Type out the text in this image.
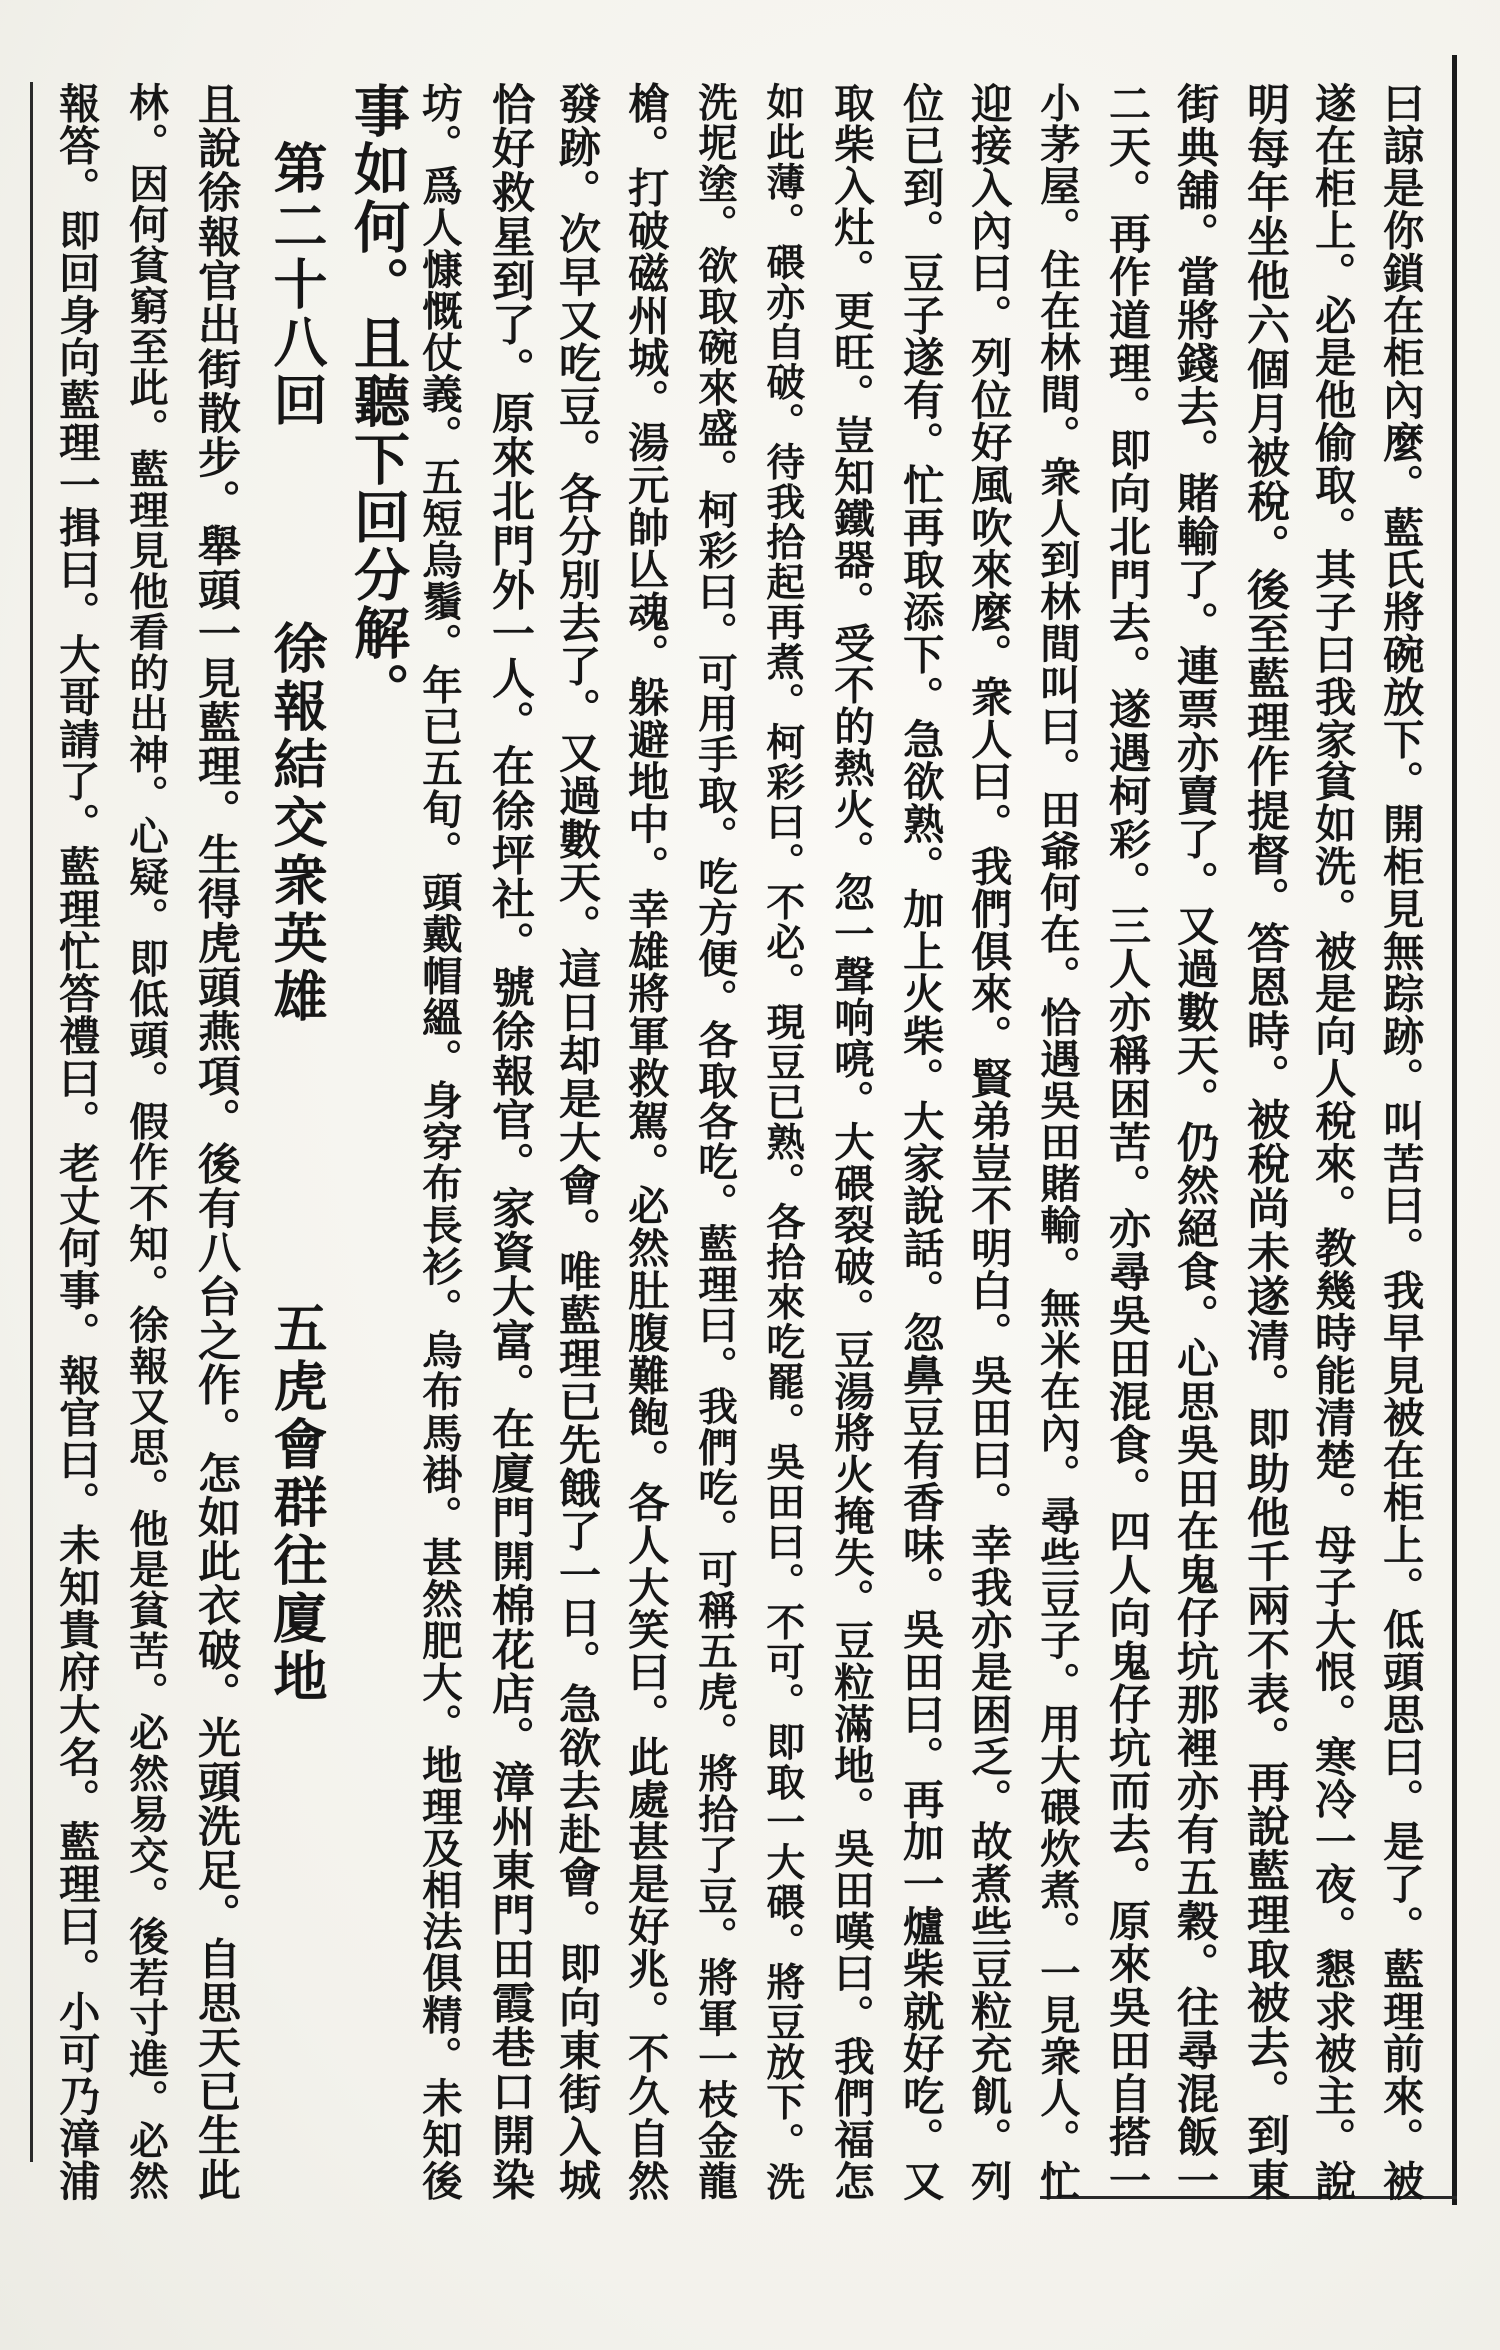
曰諒是你鎖在柜內麼。藍氏將碗放下。開柜見無踪跡。叫苦曰。我早見被在柜上。低頭思曰。是了。藍理前來。被
遂在柜上。必是他偷取。其子曰我家貧如洗。被是向人稅來。教幾時能清楚。母子大恨。寒冷一夜。懇求被主。說
明每年坐他六個月被稅。後至藍理作提督。答恩時。被稅尚未遂清。即助他千兩不表。再說藍理取被去。到東
街典舖。當將錢去。賭輸了。連票亦賣了。又過數天。仍然絕食。心思吳田在鬼仔坑那裡亦有五穀。往尋混飯一
二天。再作道理。即向北門去。遂遇柯彩。三人亦稱困苦。亦尋吳田混食。四人向鬼仔坑而去。原來吳田自搭一
小茅屋。住在林間。衆人到林間叫曰。田爺何在。恰遇吳田賭輸。無米在內。尋些豆子。用大碨炊煮。一見衆人。忙
迎接入內曰。列位好風吹來麼。衆人曰。我們俱來。賢弟豈不明白。吳田曰。幸我亦是困乏。故煮些豆粒充飢。列
位已到。豆子遂有。忙再取添下。急欲熟。加上火柴。大家說話。忽鼻豆有香味。吳田曰。再加一爐柴就好吃。又
取柴入灶。更旺。豈知鐵器。受不的熱火。忽一聲响喨。大碨裂破。豆湯將火掩失。豆粒滿地。吳田嘆曰。我們福怎
如此薄。碨亦自破。待我拾起再煮。柯彩曰。不必。現豆已熟。各拾來吃罷。吳田曰。不可。即取一大碨。將豆放下。洗
洗坭塗。欲取碗來盛。柯彩曰。可用手取。吃方便。各取各吃。藍理曰。我們吃。可稱五虎。將拾了豆。將軍一枝金龍
槍。打破磁州城。湯元帥亾魂。躲避地中。幸雄將軍救駕。必然肚腹難飽。各人大笑曰。此處甚是好兆。不久自然
發跡。次早又吃豆。各分別去了。又過數天。這日却是大會。唯藍理已先餓了一日。急欲去赴會。即向東街入城
恰好救星到了。原來北門外一人。在徐坪社。號徐報官。家資大富。在廈門開棉花店。漳州東門田霞巷口開染
坊。爲人慷慨仗義。五短烏鬚。年已五旬。頭戴帽縕。身穿布長衫。烏布馬褂。甚然肥大。地理及相法俱精。未知後
事如何。且聽下回分解。
第二十八回
徐報結交衆英雄
五虎會群往廈地
且說徐報官出街散步。舉頭一見藍理。生得虎頭燕項。後有八台之作。怎如此衣破。光頭洗足。自思天已生此
林。因何貧窮至此。藍理見他看的出神。心疑。即低頭。假作不知。徐報又思。他是貧苦。必然易交。後若寸進。必然
報答。即回身向藍理一揖曰。大哥請了。藍理忙答禮曰。老丈何事。報官曰。未知貴府大名。藍理曰。小可乃漳浦
